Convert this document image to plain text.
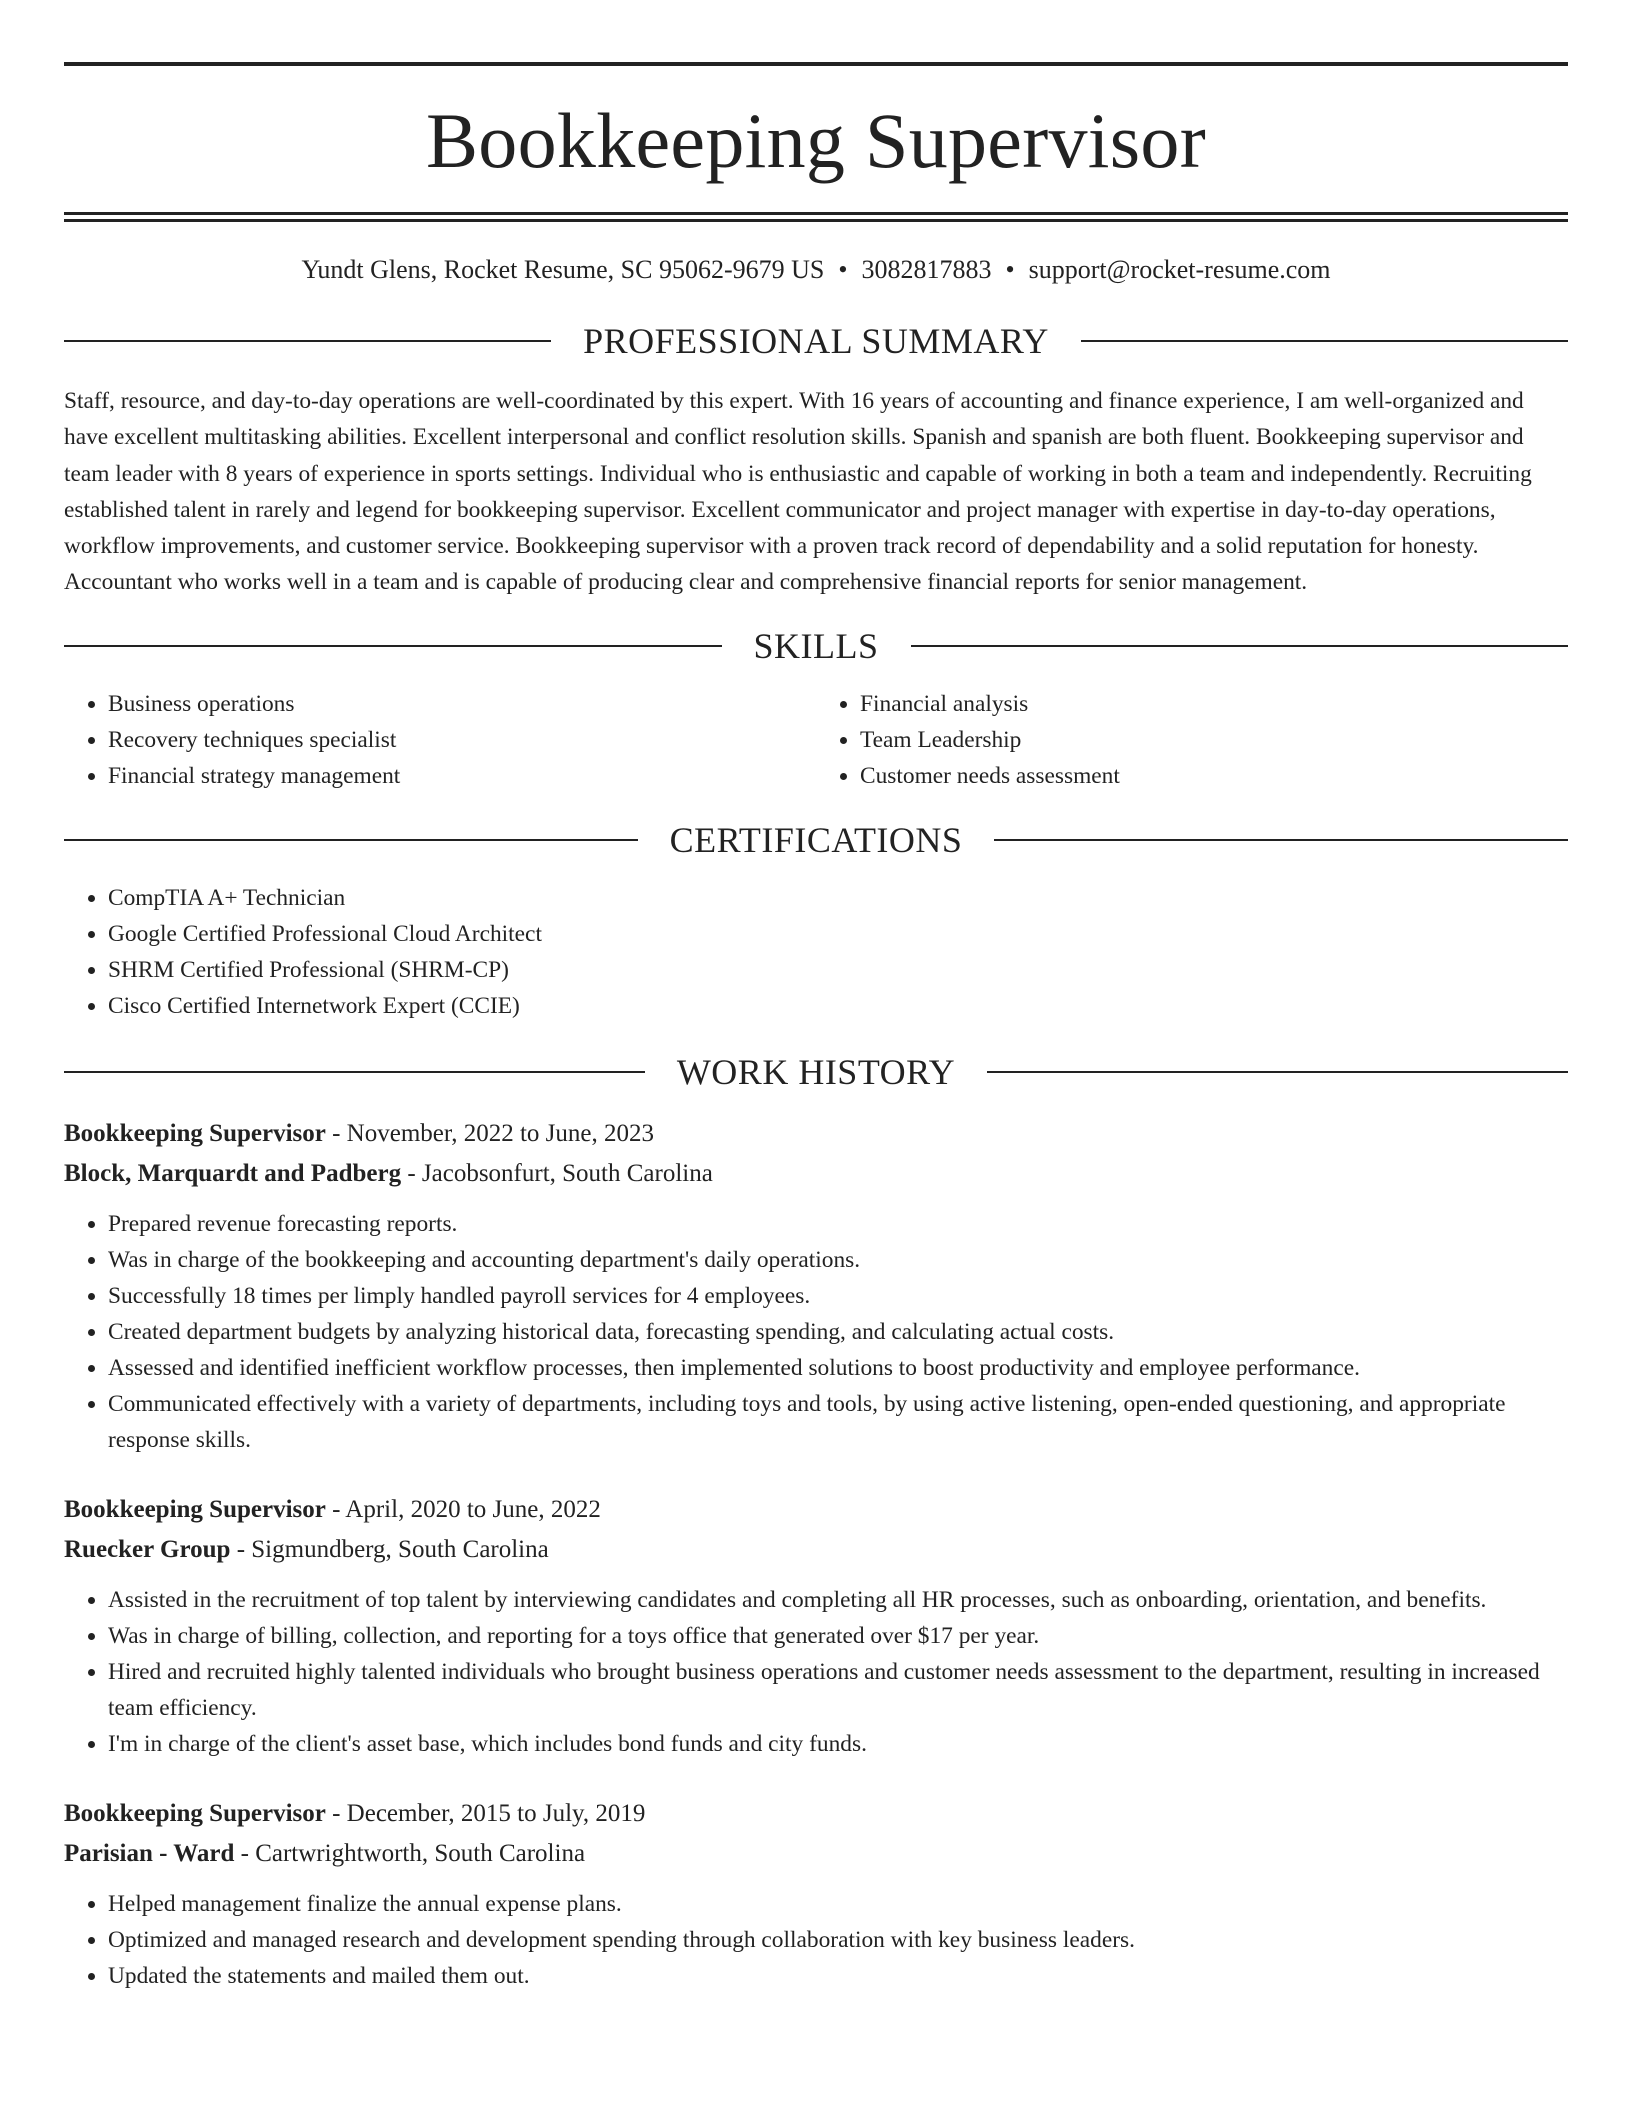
Bookkeeping Supervisor
Yundt Glens, Rocket Resume, SC 95062-9679 US • 3082817883 • support@rocket-resume.com
PROFESSIONAL SUMMARY
Staff, resource, and day-to-day operations are well-coordinated by this expert. With 16 years of accounting and finance experience, I am well-organized and have excellent multitasking abilities. Excellent interpersonal and conflict resolution skills. Spanish and spanish are both fluent. Bookkeeping supervisor and team leader with 8 years of experience in sports settings. Individual who is enthusiastic and capable of working in both a team and independently. Recruiting established talent in rarely and legend for bookkeeping supervisor. Excellent communicator and project manager with expertise in day-to-day operations, workflow improvements, and customer service. Bookkeeping supervisor with a proven track record of dependability and a solid reputation for honesty. Accountant who works well in a team and is capable of producing clear and comprehensive financial reports for senior management.
SKILLS
• Business operations
• Recovery techniques specialist
• Financial strategy management
• Financial analysis
• Team Leadership
• Customer needs assessment
CERTIFICATIONS
• CompTIA A+ Technician
• Google Certified Professional Cloud Architect
• SHRM Certified Professional (SHRM-CP)
• Cisco Certified Internetwork Expert (CCIE)
WORK HISTORY
Bookkeeping Supervisor - November, 2022 to June, 2023
Block, Marquardt and Padberg - Jacobsonfurt, South Carolina
• Prepared revenue forecasting reports.
• Was in charge of the bookkeeping and accounting department's daily operations.
• Successfully 18 times per limply handled payroll services for 4 employees.
• Created department budgets by analyzing historical data, forecasting spending, and calculating actual costs.
• Assessed and identified inefficient workflow processes, then implemented solutions to boost productivity and employee performance.
• Communicated effectively with a variety of departments, including toys and tools, by using active listening, open-ended questioning, and appropriate response skills.
Bookkeeping Supervisor - April, 2020 to June, 2022
Ruecker Group - Sigmundberg, South Carolina
• Assisted in the recruitment of top talent by interviewing candidates and completing all HR processes, such as onboarding, orientation, and benefits.
• Was in charge of billing, collection, and reporting for a toys office that generated over $17 per year.
• Hired and recruited highly talented individuals who brought business operations and customer needs assessment to the department, resulting in increased team efficiency.
• I'm in charge of the client's asset base, which includes bond funds and city funds.
Bookkeeping Supervisor - December, 2015 to July, 2019
Parisian - Ward - Cartwrightworth, South Carolina
• Helped management finalize the annual expense plans.
• Optimized and managed research and development spending through collaboration with key business leaders.
• Updated the statements and mailed them out.
